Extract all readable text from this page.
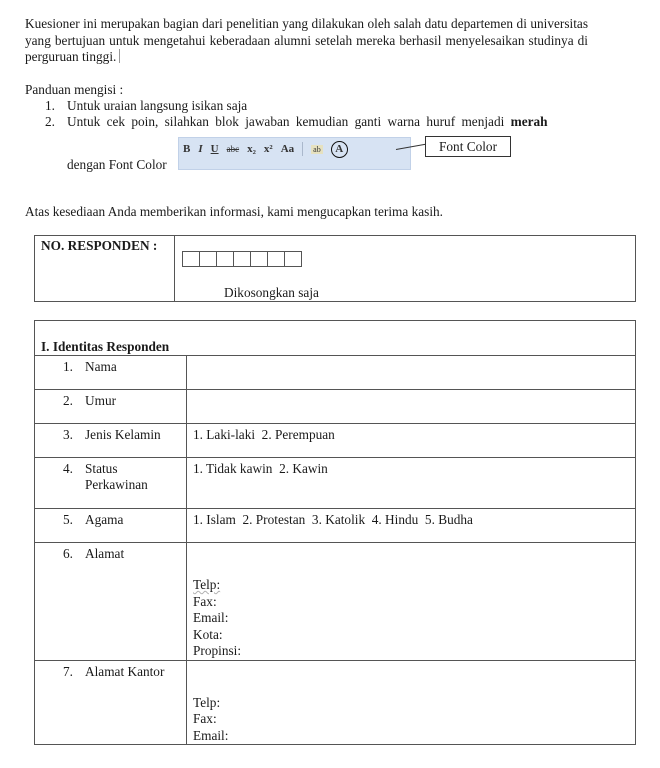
Kuesioner ini merupakan bagian dari penelitian yang dilakukan oleh salah datu departemen di universitas yang bertujuan untuk mengetahui keberadaan alumni setelah mereka berhasil menyelesaikan studinya di perguruan tinggi.

Panduan mengisi :
1. Untuk uraian langsung isikan saja
2. Untuk cek poin, silahkan blok jawaban kemudian ganti warna huruf menjadi merah
dengan Font Color
B I U abc x₂ x² Aa ab	A	Font Color
Atas kesediaan Anda memberikan informasi, kami mengucapkan terima kasih.
NO. RESPONDEN :	
Dikosongkan saja
I. Identitas Responden	
1. Nama	
2. Umur	
3. Jenis Kelamin	1. Laki-laki  2. Perempuan
4. Status Perkawinan	1. Tidak kawin  2. Kawin
5. Agama	1. Islam  2. Protestan  3. Katolik  4. Hindu  5. Budha
6. Alamat	Telp:
Fax:
Email:
Kota:
Propinsi:

7. Alamat Kantor	Telp:
Fax:
Email:
